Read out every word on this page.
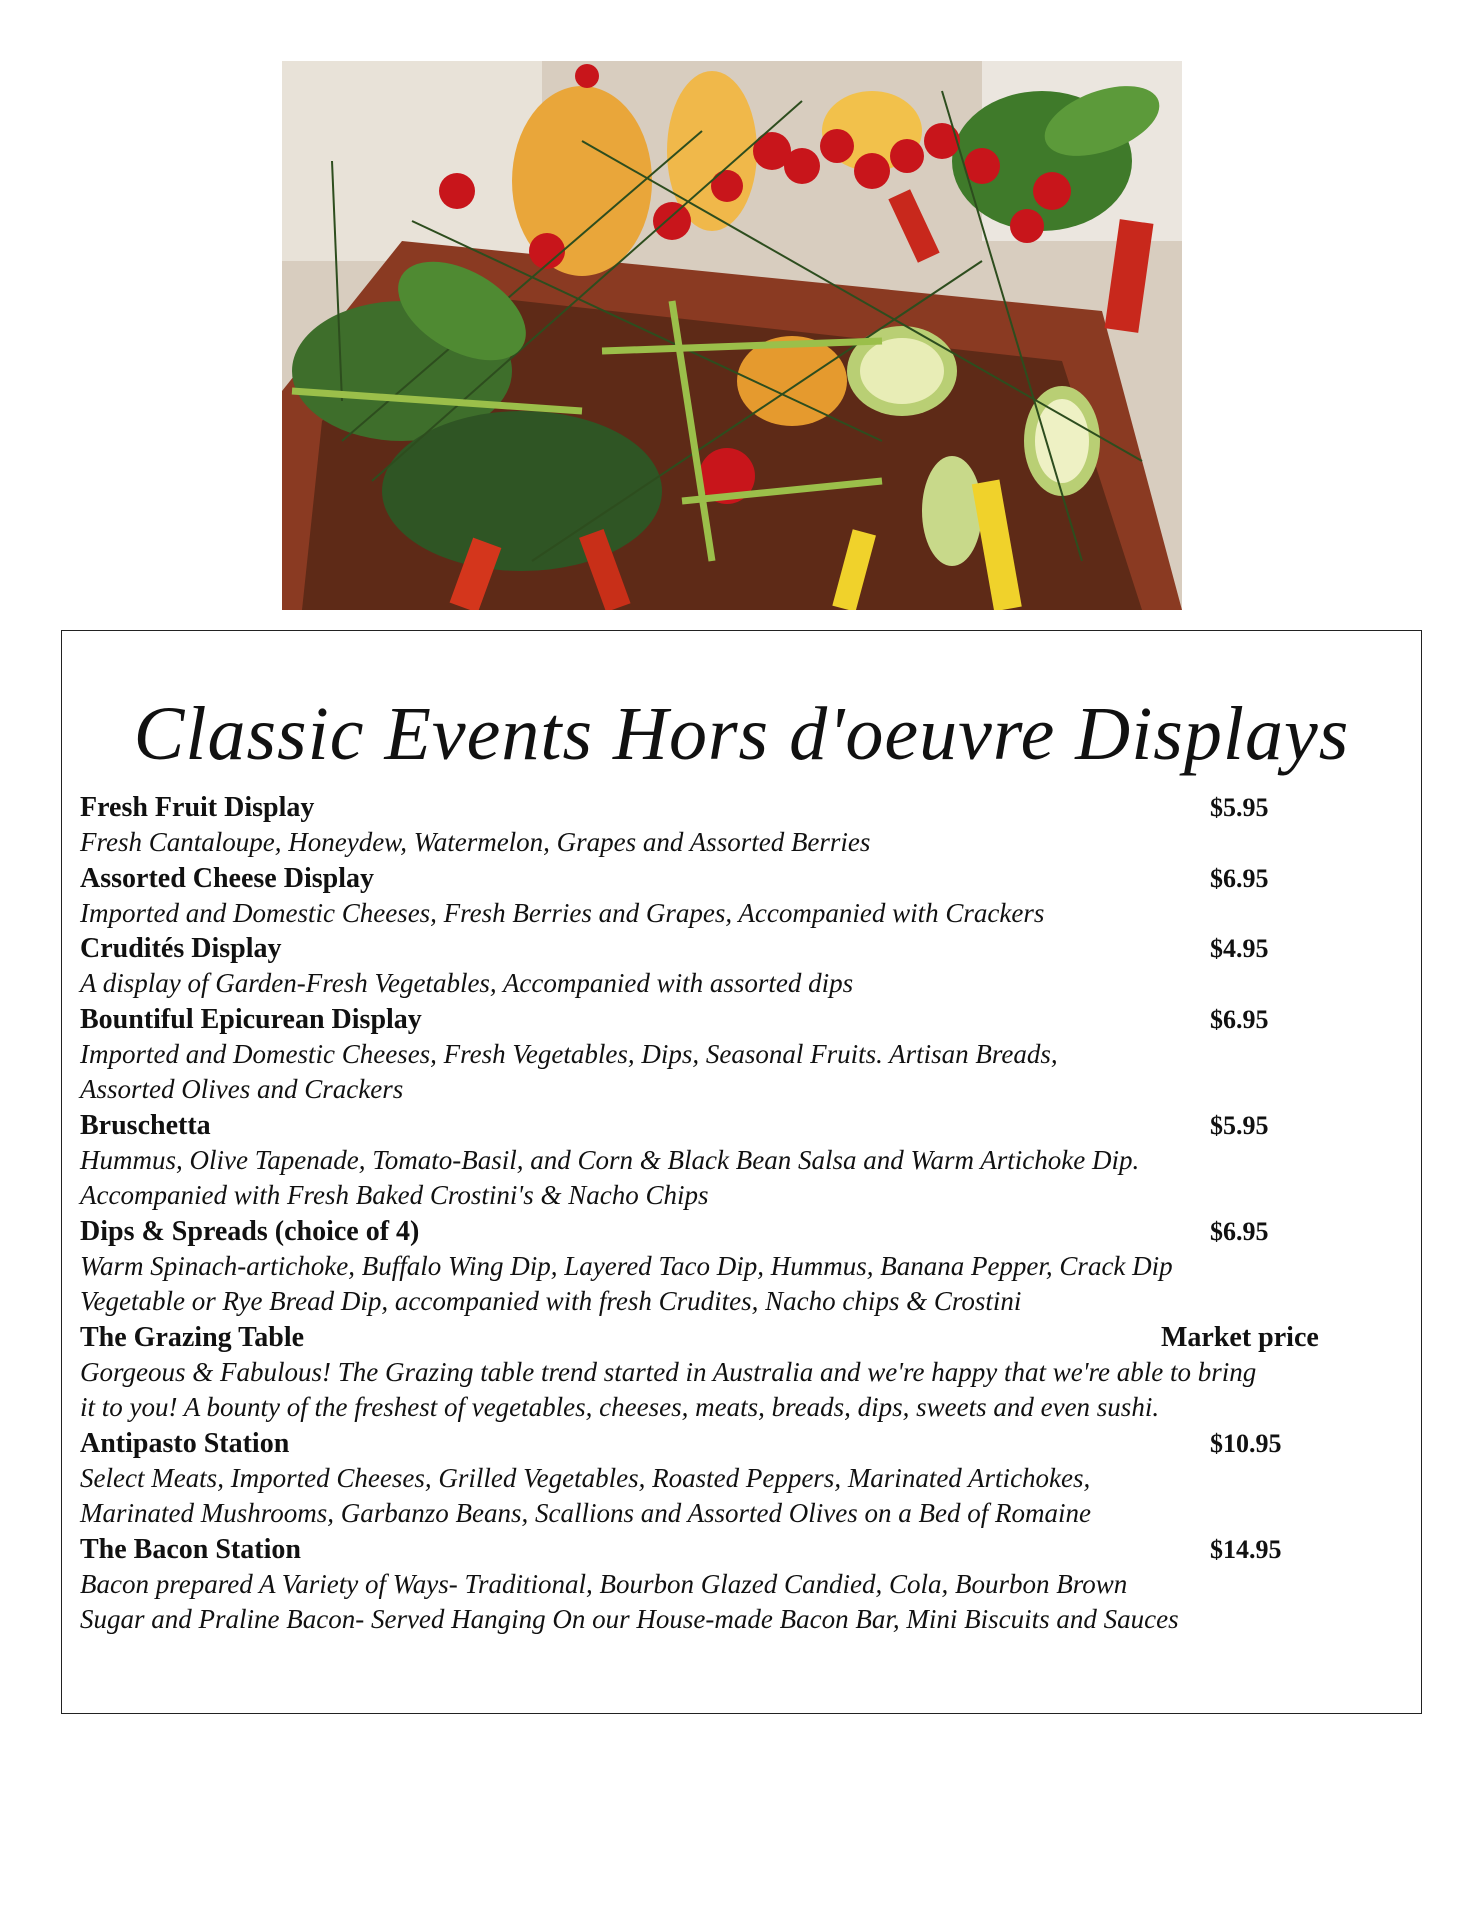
Classic Events Hors d'oeuvre Displays
Fresh Fruit Display	$5.95

Fresh Cantaloupe, Honeydew, Watermelon, Grapes and Assorted Berries

Assorted Cheese Display	$6.95

Imported and Domestic Cheeses, Fresh Berries and Grapes, Accompanied with Crackers

Crudités Display	$4.95

A display of Garden-Fresh Vegetables, Accompanied with assorted dips

Bountiful Epicurean Display	$6.95

Imported and Domestic Cheeses, Fresh Vegetables, Dips, Seasonal Fruits. Artisan Breads,
Assorted Olives and Crackers

Bruschetta	$5.95

Hummus, Olive Tapenade, Tomato-Basil, and Corn & Black Bean Salsa and Warm Artichoke Dip.
Accompanied with Fresh Baked Crostini's & Nacho Chips

Dips & Spreads (choice of 4)	$6.95

Warm Spinach-artichoke, Buffalo Wing Dip, Layered Taco Dip, Hummus, Banana Pepper, Crack Dip
Vegetable or Rye Bread Dip, accompanied with fresh Crudites, Nacho chips & Crostini

The Grazing Table	Market price

Gorgeous & Fabulous! The Grazing table trend started in Australia and we're happy that we're able to bring
it to you! A bounty of the freshest of vegetables, cheeses, meats, breads, dips, sweets and even sushi.

Antipasto Station	$10.95

Select Meats, Imported Cheeses, Grilled Vegetables, Roasted Peppers, Marinated Artichokes,
Marinated Mushrooms, Garbanzo Beans, Scallions and Assorted Olives on a Bed of Romaine

The Bacon Station	$14.95

Bacon prepared A Variety of Ways- Traditional, Bourbon Glazed Candied, Cola, Bourbon Brown
Sugar and Praline Bacon- Served Hanging On our House-made Bacon Bar, Mini Biscuits and Sauces
